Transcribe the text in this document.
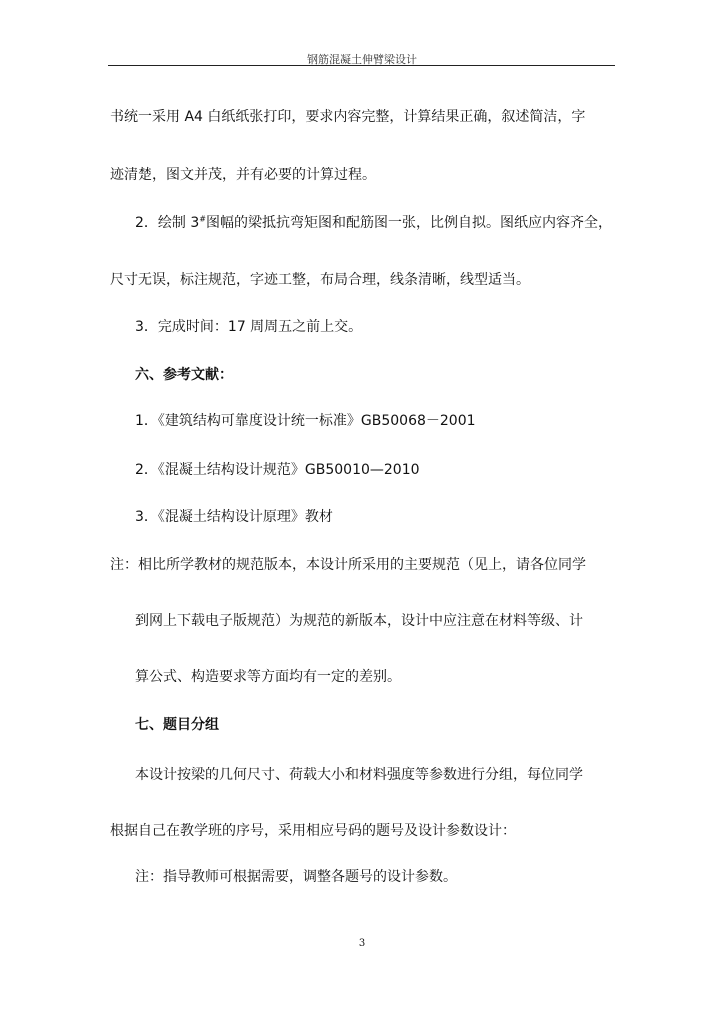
钢筋混凝土伸臂梁设计
书统一采用 A4 白纸纸张打印，要求内容完整，计算结果正确，叙述简洁，字
迹清楚，图文并茂，并有必要的计算过程。
2．绘制 3#图幅的梁抵抗弯矩图和配筋图一张，比例自拟。图纸应内容齐全，
尺寸无误，标注规范，字迹工整，布局合理，线条清晰，线型适当。
3．完成时间：17 周周五之前上交。
六、参考文献：
1．《建筑结构可靠度设计统一标准》GB50068－2001
2．《混凝土结构设计规范》GB50010—2010
3．《混凝土结构设计原理》教材
注：相比所学教材的规范版本，本设计所采用的主要规范（见上，请各位同学
到网上下载电子版规范）为规范的新版本，设计中应注意在材料等级、计
算公式、构造要求等方面均有一定的差别。
七、题目分组
本设计按梁的几何尺寸、荷载大小和材料强度等参数进行分组，每位同学
根据自己在教学班的序号，采用相应号码的题号及设计参数设计：
注：指导教师可根据需要，调整各题号的设计参数。
3
